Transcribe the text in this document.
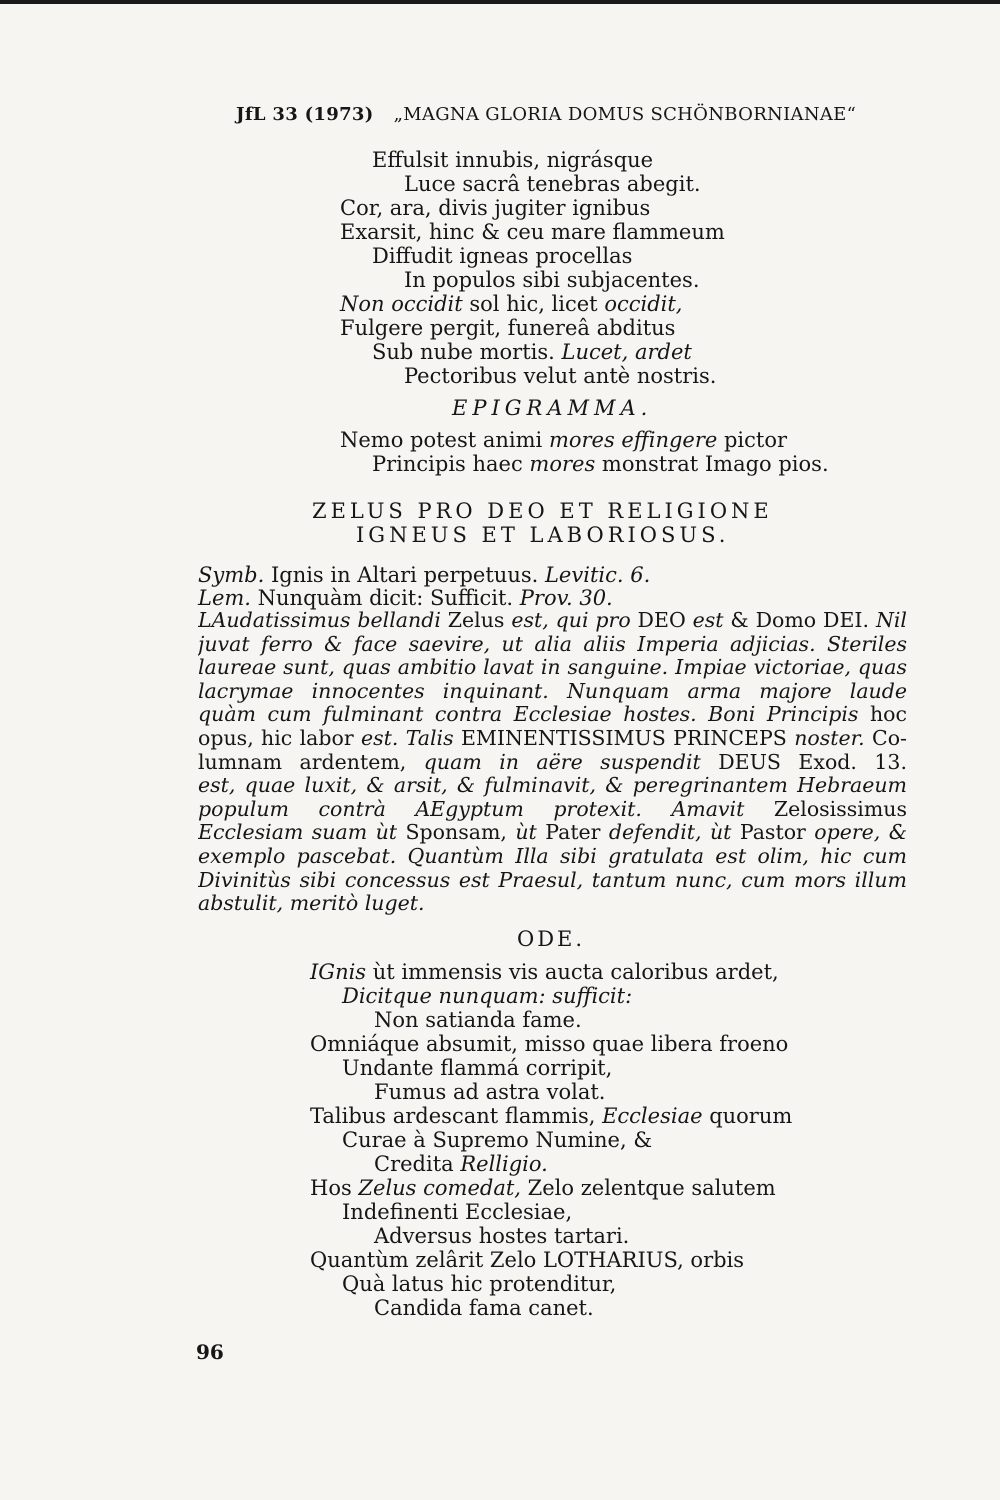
JfL 33 (1973) „MAGNA GLORIA DOMUS SCHÖNBORNIANAE“
Effulsit innubis, nigrásque
Luce sacrâ tenebras abegit.
Cor, ara, divis jugiter ignibus
Exarsit, hinc & ceu mare flammeum
Diffudit igneas procellas
In populos sibi subjacentes.
Non occidit sol hic, licet occidit,
Fulgere pergit, funereâ abditus
Sub nube mortis. Lucet, ardet
Pectoribus velut antè nostris.
EPIGRAMMA.
Nemo potest animi mores effingere pictor
Principis haec mores monstrat Imago pios.
ZELUS PRO DEO ET RELIGIONE
IGNEUS ET LABORIOSUS.
Symb. Ignis in Altari perpetuus. Levitic. 6.
Lem. Nunquàm dicit: Sufficit. Prov. 30.
LAudatissimus bellandi Zelus est, qui pro DEO est & Domo DEI. Nil
juvat ferro & face saevire, ut alia aliis Imperia adjicias. Steriles
laureae sunt, quas ambitio lavat in sanguine. Impiae victoriae, quas
lacrymae innocentes inquinant. Nunquam arma majore laude
quàm cum fulminant contra Ecclesiae hostes. Boni Principis hoc
opus, hic labor est. Talis EMINENTISSIMUS PRINCEPS noster. Co-
lumnam ardentem, quam in aëre suspendit DEUS Exod. 13.
est, quae luxit, & arsit, & fulminavit, & peregrinantem Hebraeum
populum contrà AEgyptum protexit. Amavit Zelosissimus
Ecclesiam suam ùt Sponsam, ùt Pater defendit, ùt Pastor opere, &
exemplo pascebat. Quantùm Illa sibi gratulata est olim, hic cum
Divinitùs sibi concessus est Praesul, tantum nunc, cum mors illum
abstulit, meritò luget.
ODE.
IGnis ùt immensis vis aucta caloribus ardet,
Dicitque nunquam: sufficit:
Non satianda fame.
Omniáque absumit, misso quae libera froeno
Undante flammá corripit,
Fumus ad astra volat.
Talibus ardescant flammis, Ecclesiae quorum
Curae à Supremo Numine, &
Credita Relligio.
Hos Zelus comedat, Zelo zelentque salutem
Indefinenti Ecclesiae,
Adversus hostes tartari.
Quantùm zelârit Zelo LOTHARIUS, orbis
Quà latus hic protenditur,
Candida fama canet.
96
